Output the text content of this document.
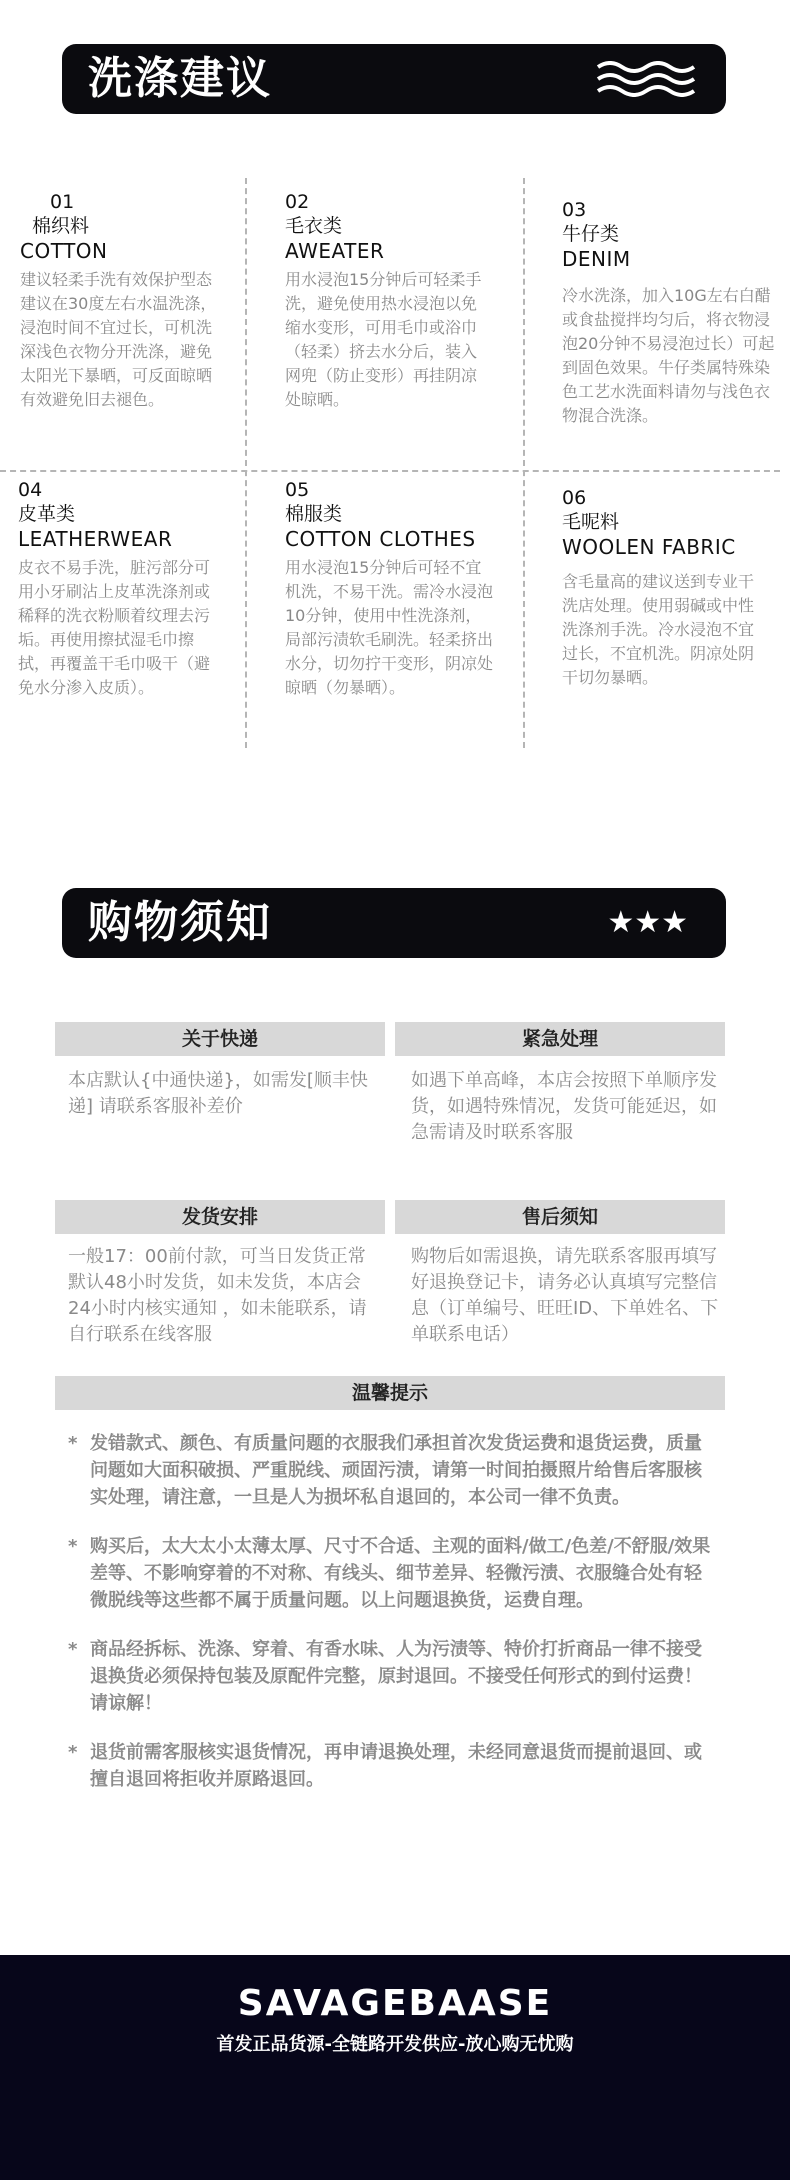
洗涤建议
01
棉织料
COTTON
建议轻柔手洗有效保护型态建议在30度左右水温洗涤，浸泡时间不宜过长，可机洗深浅色衣物分开洗涤，避免太阳光下暴晒，可反面晾晒有效避免旧去褪色。
02
毛衣类
AWEATER
用水浸泡15分钟后可轻柔手洗，避免使用热水浸泡以免缩水变形，可用毛巾或浴巾（轻柔）挤去水分后，装入网兜（防止变形）再挂阴凉处晾晒。
03
牛仔类
DENIM
冷水洗涤，加入10G左右白醋或食盐搅拌均匀后，将衣物浸泡20分钟不易浸泡过长）可起到固色效果。牛仔类属特殊染色工艺水洗面料请勿与浅色衣物混合洗涤。
04
皮革类
LEATHERWEAR
皮衣不易手洗，脏污部分可用小牙刷沾上皮革洗涤剂或稀释的洗衣粉顺着纹理去污垢。再使用擦拭湿毛巾擦拭，再覆盖干毛巾吸干（避免水分渗入皮质）。
05
棉服类
COTTON CLOTHES
用水浸泡15分钟后可轻不宜机洗，不易干洗。需冷水浸泡10分钟，使用中性洗涤剂，局部污渍软毛刷洗。轻柔挤出水分，切勿拧干变形，阴凉处晾晒（勿暴晒）。
06
毛呢料
WOOLEN FABRIC
含毛量高的建议送到专业干洗店处理。使用弱碱或中性洗涤剂手洗。冷水浸泡不宜过长，不宜机洗。阴凉处阴干切勿暴晒。
购物须知	★★★
关于快递
本店默认{中通快递}，如需发[顺丰快递] 请联系客服补差价
紧急处理
如遇下单高峰，本店会按照下单顺序发货，如遇特殊情况，发货可能延迟，如急需请及时联系客服
发货安排
一般17：00前付款，可当日发货正常默认48小时发货，如未发货，本店会24小时内核实通知 ，如未能联系，请自行联系在线客服
售后须知
购物后如需退换，请先联系客服再填写好退换登记卡，请务必认真填写完整信息（订单编号、旺旺ID、下单姓名、下单联系电话）
温馨提示
* 发错款式、颜色、有质量问题的衣服我们承担首次发货运费和退货运费，质量问题如大面积破损、严重脱线、顽固污渍，请第一时间拍摄照片给售后客服核实处理，请注意，一旦是人为损坏私自退回的，本公司一律不负责。
* 购买后，太大太小太薄太厚、尺寸不合适、主观的面料/做工/色差/不舒服/效果差等、不影响穿着的不对称、有线头、细节差异、轻微污渍、衣服缝合处有轻微脱线等这些都不属于质量问题。以上问题退换货，运费自理。
* 商品经拆标、洗涤、穿着、有香水味、人为污渍等、特价打折商品一律不接受退换货必须保持包装及原配件完整，原封退回。不接受任何形式的到付运费！请谅解！
* 退货前需客服核实退货情况，再申请退换处理，未经同意退货而提前退回、或擅自退回将拒收并原路退回。
SAVAGEBAASE
首发正品货源-全链路开发供应-放心购无忧购
